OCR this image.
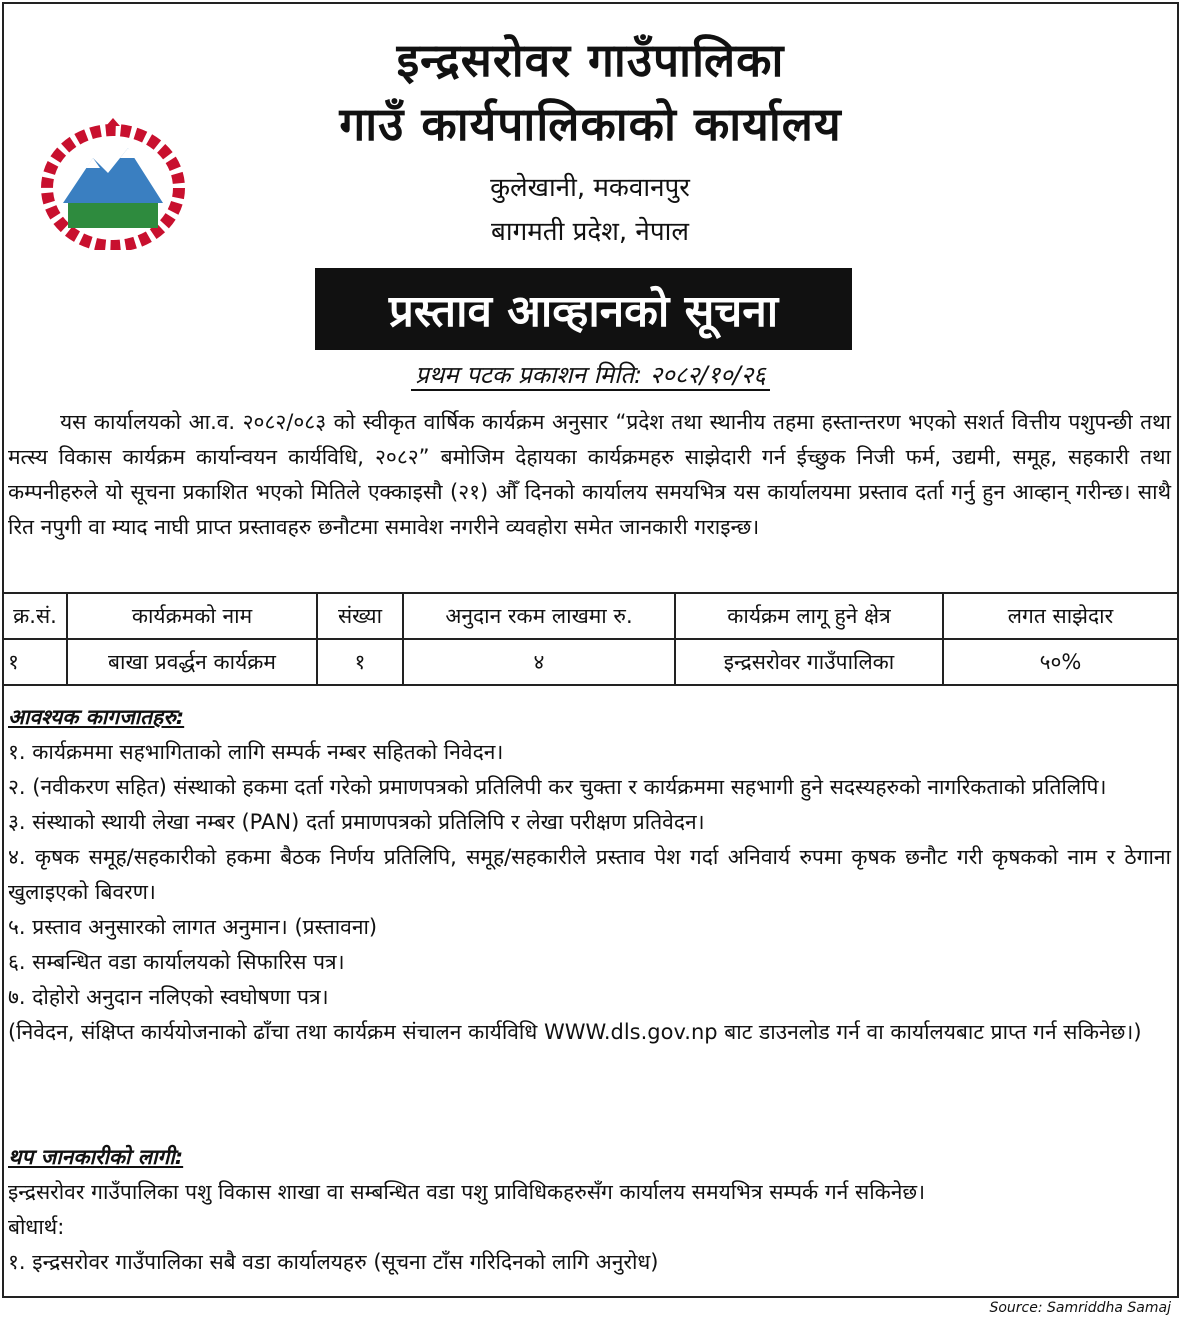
इन्द्रसरोवर गाउँपालिका
गाउँ कार्यपालिकाको कार्यालय
कुलेखानी, मकवानपुर
बागमती प्रदेश, नेपाल
प्रस्ताव आव्हानको सूचना
प्रथम पटक प्रकाशन मिति: २०८२/१०/२६

यस कार्यालयको आ.व. २०८२/०८३ को स्वीकृत वार्षिक कार्यक्रम अनुसार “प्रदेश तथा स्थानीय तहमा हस्तान्तरण भएको सशर्त वित्तीय पशुपन्छी तथा मत्स्य विकास कार्यक्रम कार्यान्वयन कार्यविधि, २०८२” बमोजिम देहायका कार्यक्रमहरु साझेदारी गर्न ईच्छुक निजी फर्म, उद्यमी, समूह, सहकारी तथा कम्पनीहरुले यो सूचना प्रकाशित भएको मितिले एक्काइसौ (२१) औँ दिनको कार्यालय समयभित्र यस कार्यालयमा प्रस्ताव दर्ता गर्नु हुन आव्हान् गरीन्छ। साथै रित नपुगी वा म्याद नाघी प्राप्त प्रस्तावहरु छनौटमा समावेश नगरीने व्यवहोरा समेत जानकारी गराइन्छ।

क्र.सं.	कार्यक्रमको नाम	संख्या	अनुदान रकम लाखमा रु.	कार्यक्रम लागू हुने क्षेत्र	लगत साझेदार
१	बाखा प्रवर्द्धन कार्यक्रम	१	४	इन्द्रसरोवर गाउँपालिका	५०%
आवश्यक कागजातहरु:
१. कार्यक्रममा सहभागिताको लागि सम्पर्क नम्बर सहितको निवेदन।
२. (नवीकरण सहित) संस्थाको हकमा दर्ता गरेको प्रमाणपत्रको प्रतिलिपी कर चुक्ता र कार्यक्रममा सहभागी हुने सदस्यहरुको नागरिकताको प्रतिलिपि।
३. संस्थाको स्थायी लेखा नम्बर (PAN) दर्ता प्रमाणपत्रको प्रतिलिपि र लेखा परीक्षण प्रतिवेदन।
४. कृषक समूह/सहकारीको हकमा बैठक निर्णय प्रतिलिपि, समूह/सहकारीले प्रस्ताव पेश गर्दा अनिवार्य रुपमा कृषक छनौट गरी कृषकको नाम र ठेगाना खुलाइएको बिवरण।
५. प्रस्ताव अनुसारको लागत अनुमान। (प्रस्तावना)
६. सम्बन्धित वडा कार्यालयको सिफारिस पत्र।
७. दोहोरो अनुदान नलिएको स्वघोषणा पत्र।
(निवेदन, संक्षिप्त कार्ययोजनाको ढाँचा तथा कार्यक्रम संचालन कार्यविधि WWW.dls.gov.np बाट डाउनलोड गर्न वा कार्यालयबाट प्राप्त गर्न सकिनेछ।)
थप जानकारीको लागी:
इन्द्रसरोवर गाउँपालिका पशु विकास शाखा वा सम्बन्धित वडा पशु प्राविधिकहरुसँग कार्यालय समयभित्र सम्पर्क गर्न सकिनेछ।
बोधार्थ:
१. इन्द्रसरोवर गाउँपालिका सबै वडा कार्यालयहरु (सूचना टाँस गरिदिनको लागि अनुरोध)
Source: Samriddha Samaj
